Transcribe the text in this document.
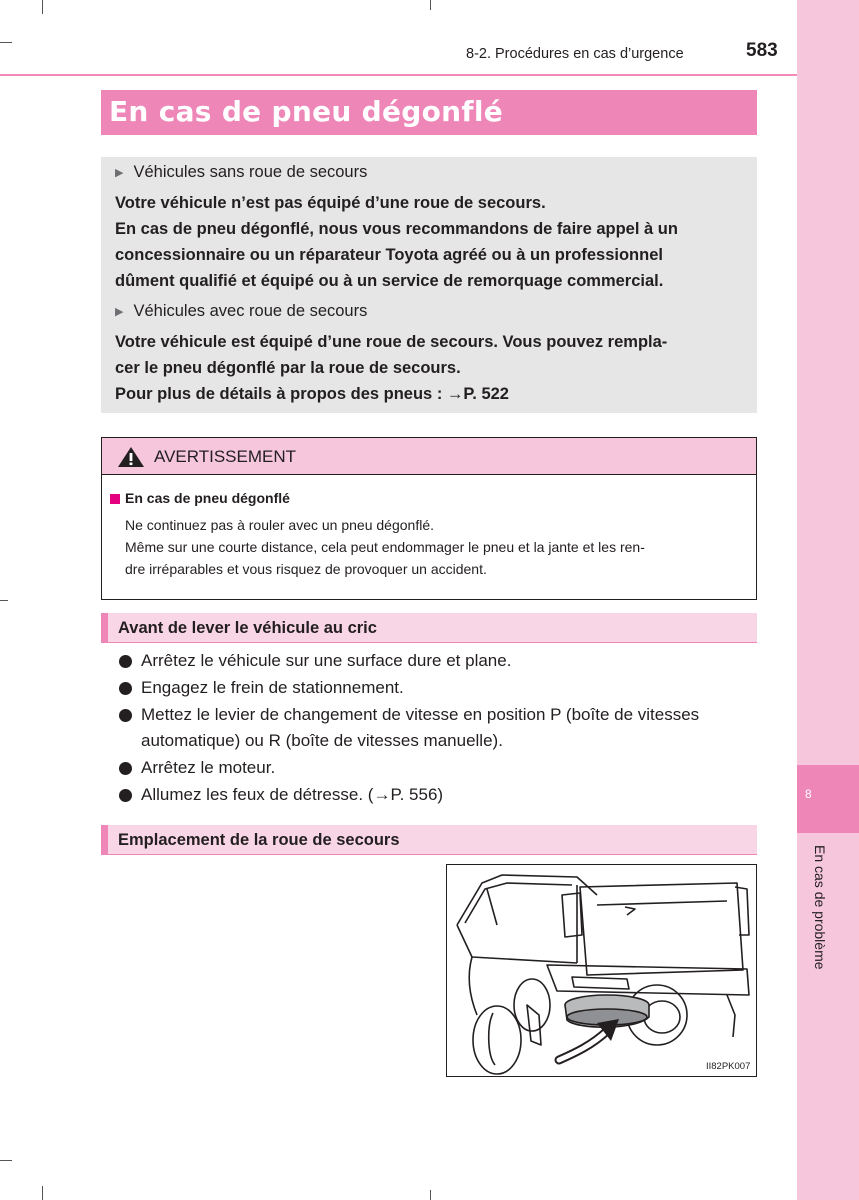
8
En cas de problème
8-2. Procédures en cas d’urgence	583
En cas de pneu dégonflé
▶ Véhicules sans roue de secours
Votre véhicule n’est pas équipé d’une roue de secours.
En cas de pneu dégonflé, nous vous recommandons de faire appel à un
concessionnaire ou un réparateur Toyota agréé ou à un professionnel
dûment qualifié et équipé ou à un service de remorquage commercial.
▶ Véhicules avec roue de secours
Votre véhicule est équipé d’une roue de secours. Vous pouvez rempla-
cer le pneu dégonflé par la roue de secours.
Pour plus de détails à propos des pneus : →P. 522
AVERTISSEMENT
En cas de pneu dégonflé
Ne continuez pas à rouler avec un pneu dégonflé.
Même sur une courte distance, cela peut endommager le pneu et la jante et les ren-
dre irréparables et vous risquez de provoquer un accident.
Avant de lever le véhicule au cric
Arrêtez le véhicule sur une surface dure et plane.
Engagez le frein de stationnement.
Mettez le levier de changement de vitesse en position P (boîte de vitesses
automatique) ou R (boîte de vitesses manuelle).
Arrêtez le moteur.
Allumez les feux de détresse. (→P. 556)
Emplacement de la roue de secours
II82PK007
